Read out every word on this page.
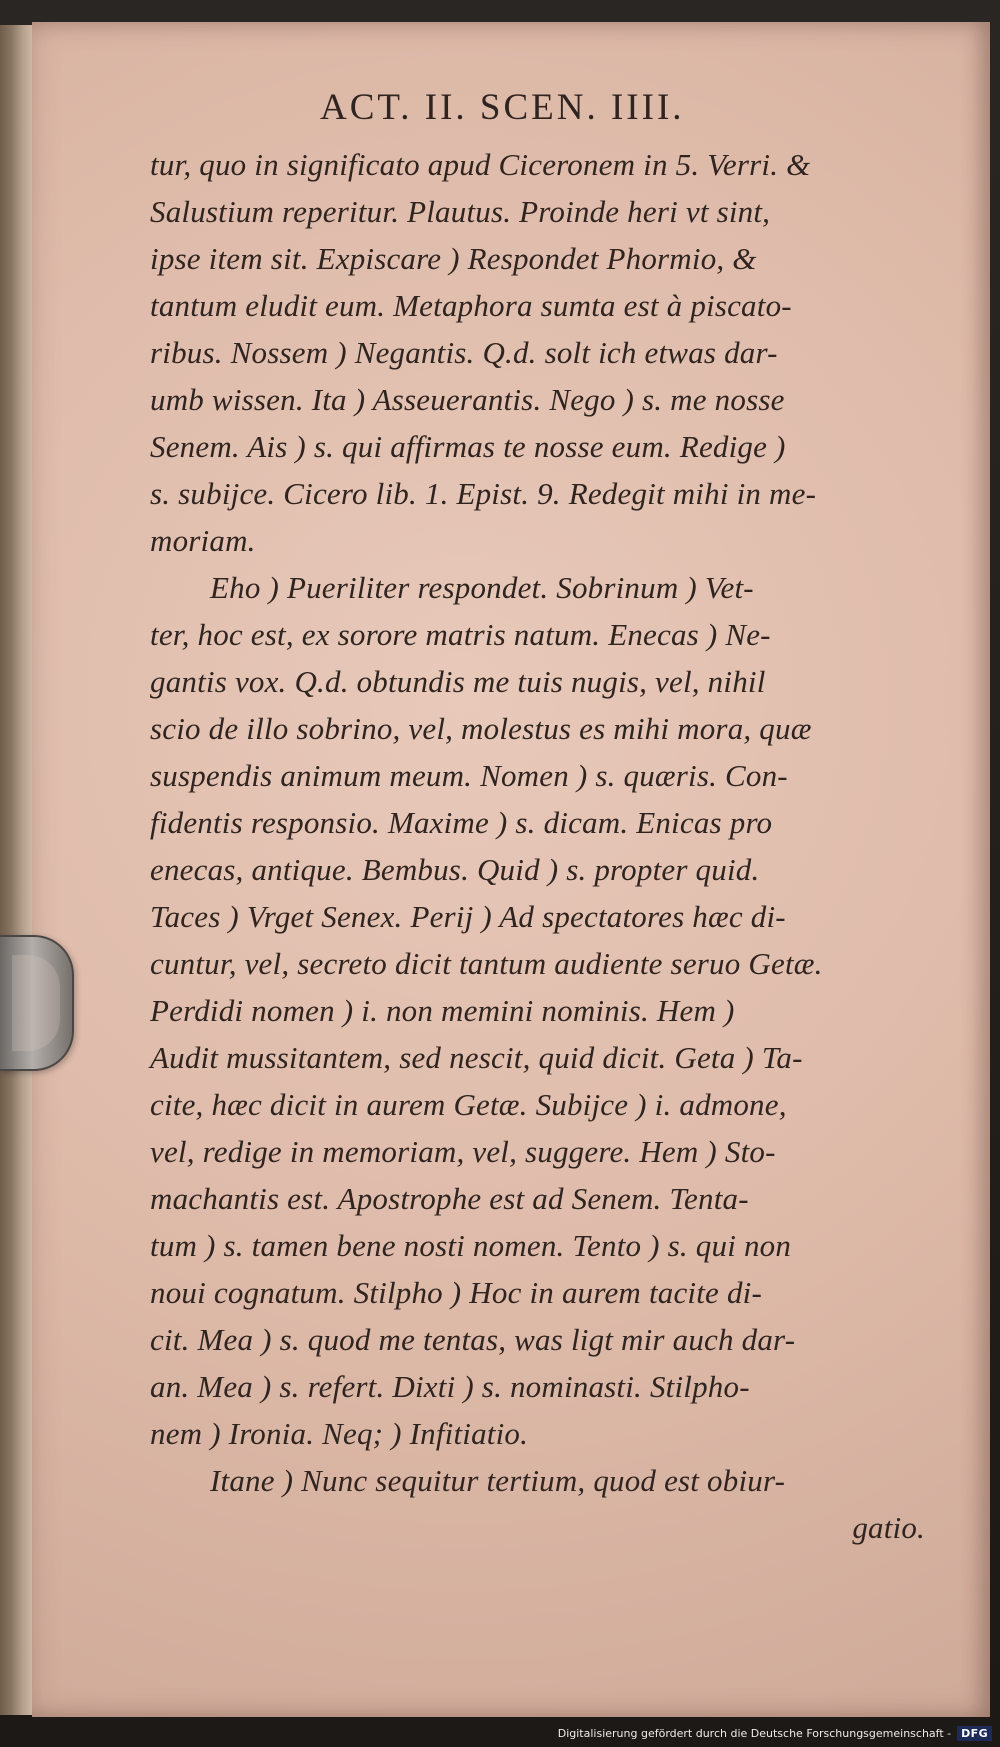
ACT. II. SCEN. IIII.
tur, quo in significato apud Ciceronem in 5. Verri. &
Salustium reperitur. Plautus. Proinde heri vt sint,
ipse item sit. Expiscare ) Respondet Phormio, &
tantum eludit eum. Metaphora sumta est à piscato-
ribus. Nossem ) Negantis. Q.d. solt ich etwas dar-
umb wissen. Ita ) Asseuerantis. Nego ) s. me nosse
Senem. Ais ) s. qui affirmas te nosse eum. Redige )
s. subijce. Cicero lib. 1. Epist. 9. Redegit mihi in me-
moriam.
Eho ) Pueriliter respondet. Sobrinum ) Vet-
ter, hoc est, ex sorore matris natum. Enecas ) Ne-
gantis vox. Q.d. obtundis me tuis nugis, vel, nihil
scio de illo sobrino, vel, molestus es mihi mora, quæ
suspendis animum meum. Nomen ) s. quæris. Con-
fidentis responsio. Maxime ) s. dicam. Enicas pro
enecas, antique. Bembus. Quid ) s. propter quid.
Taces ) Vrget Senex. Perij ) Ad spectatores hæc di-
cuntur, vel, secreto dicit tantum audiente seruo Getæ.
Perdidi nomen ) i. non memini nominis. Hem )
Audit mussitantem, sed nescit, quid dicit. Geta ) Ta-
cite, hæc dicit in aurem Getæ. Subijce ) i. admone,
vel, redige in memoriam, vel, suggere. Hem ) Sto-
machantis est. Apostrophe est ad Senem. Tenta-
tum ) s. tamen bene nosti nomen. Tento ) s. qui non
noui cognatum. Stilpho ) Hoc in aurem tacite di-
cit. Mea ) s. quod me tentas, was ligt mir auch dar-
an. Mea ) s. refert. Dixti ) s. nominasti. Stilpho-
nem ) Ironia. Neq; ) Infitiatio.
Itane ) Nunc sequitur tertium, quod est obiur-
gatio.
Digitalisierung gefördert durch die Deutsche Forschungsgemeinschaft - DFG
